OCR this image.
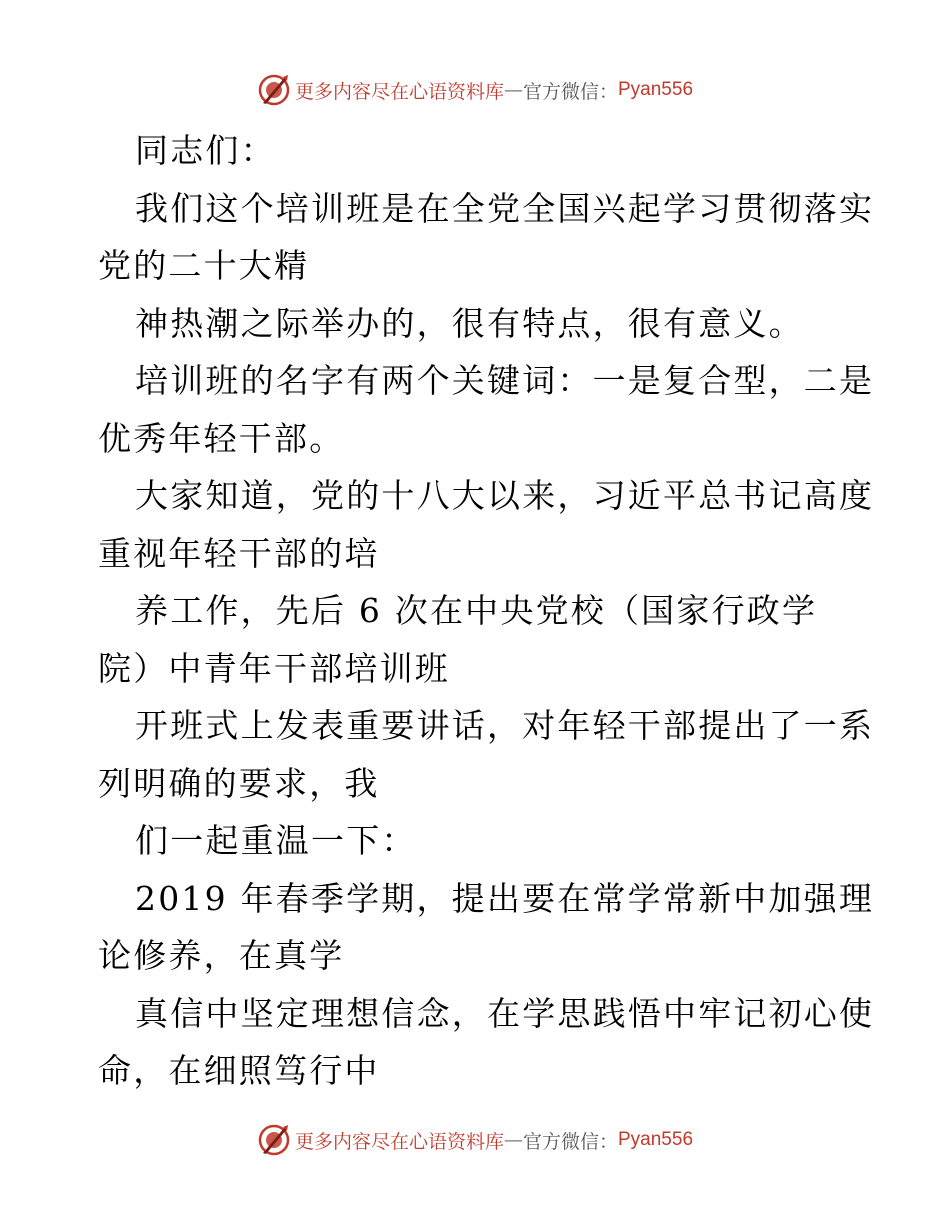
更多内容尽在心语资料库 — 官方微信： Pyan556
同志们：
我们这个培训班是在全党全国兴起学习贯彻落实
党的二十大精
神热潮之际举办的，很有特点，很有意义。
培训班的名字有两个关键词：一是复合型，二是
优秀年轻干部。
大家知道，党的十八大以来，习近平总书记高度
重视年轻干部的培
养工作，先后 6 次在中央党校（国家行政学
院）中青年干部培训班
开班式上发表重要讲话，对年轻干部提出了一系
列明确的要求，我
们一起重温一下：
2019 年春季学期，提出要在常学常新中加强理
论修养，在真学
真信中坚定理想信念，在学思践悟中牢记初心使
命，在细照笃行中
更多内容尽在心语资料库 — 官方微信： Pyan556
